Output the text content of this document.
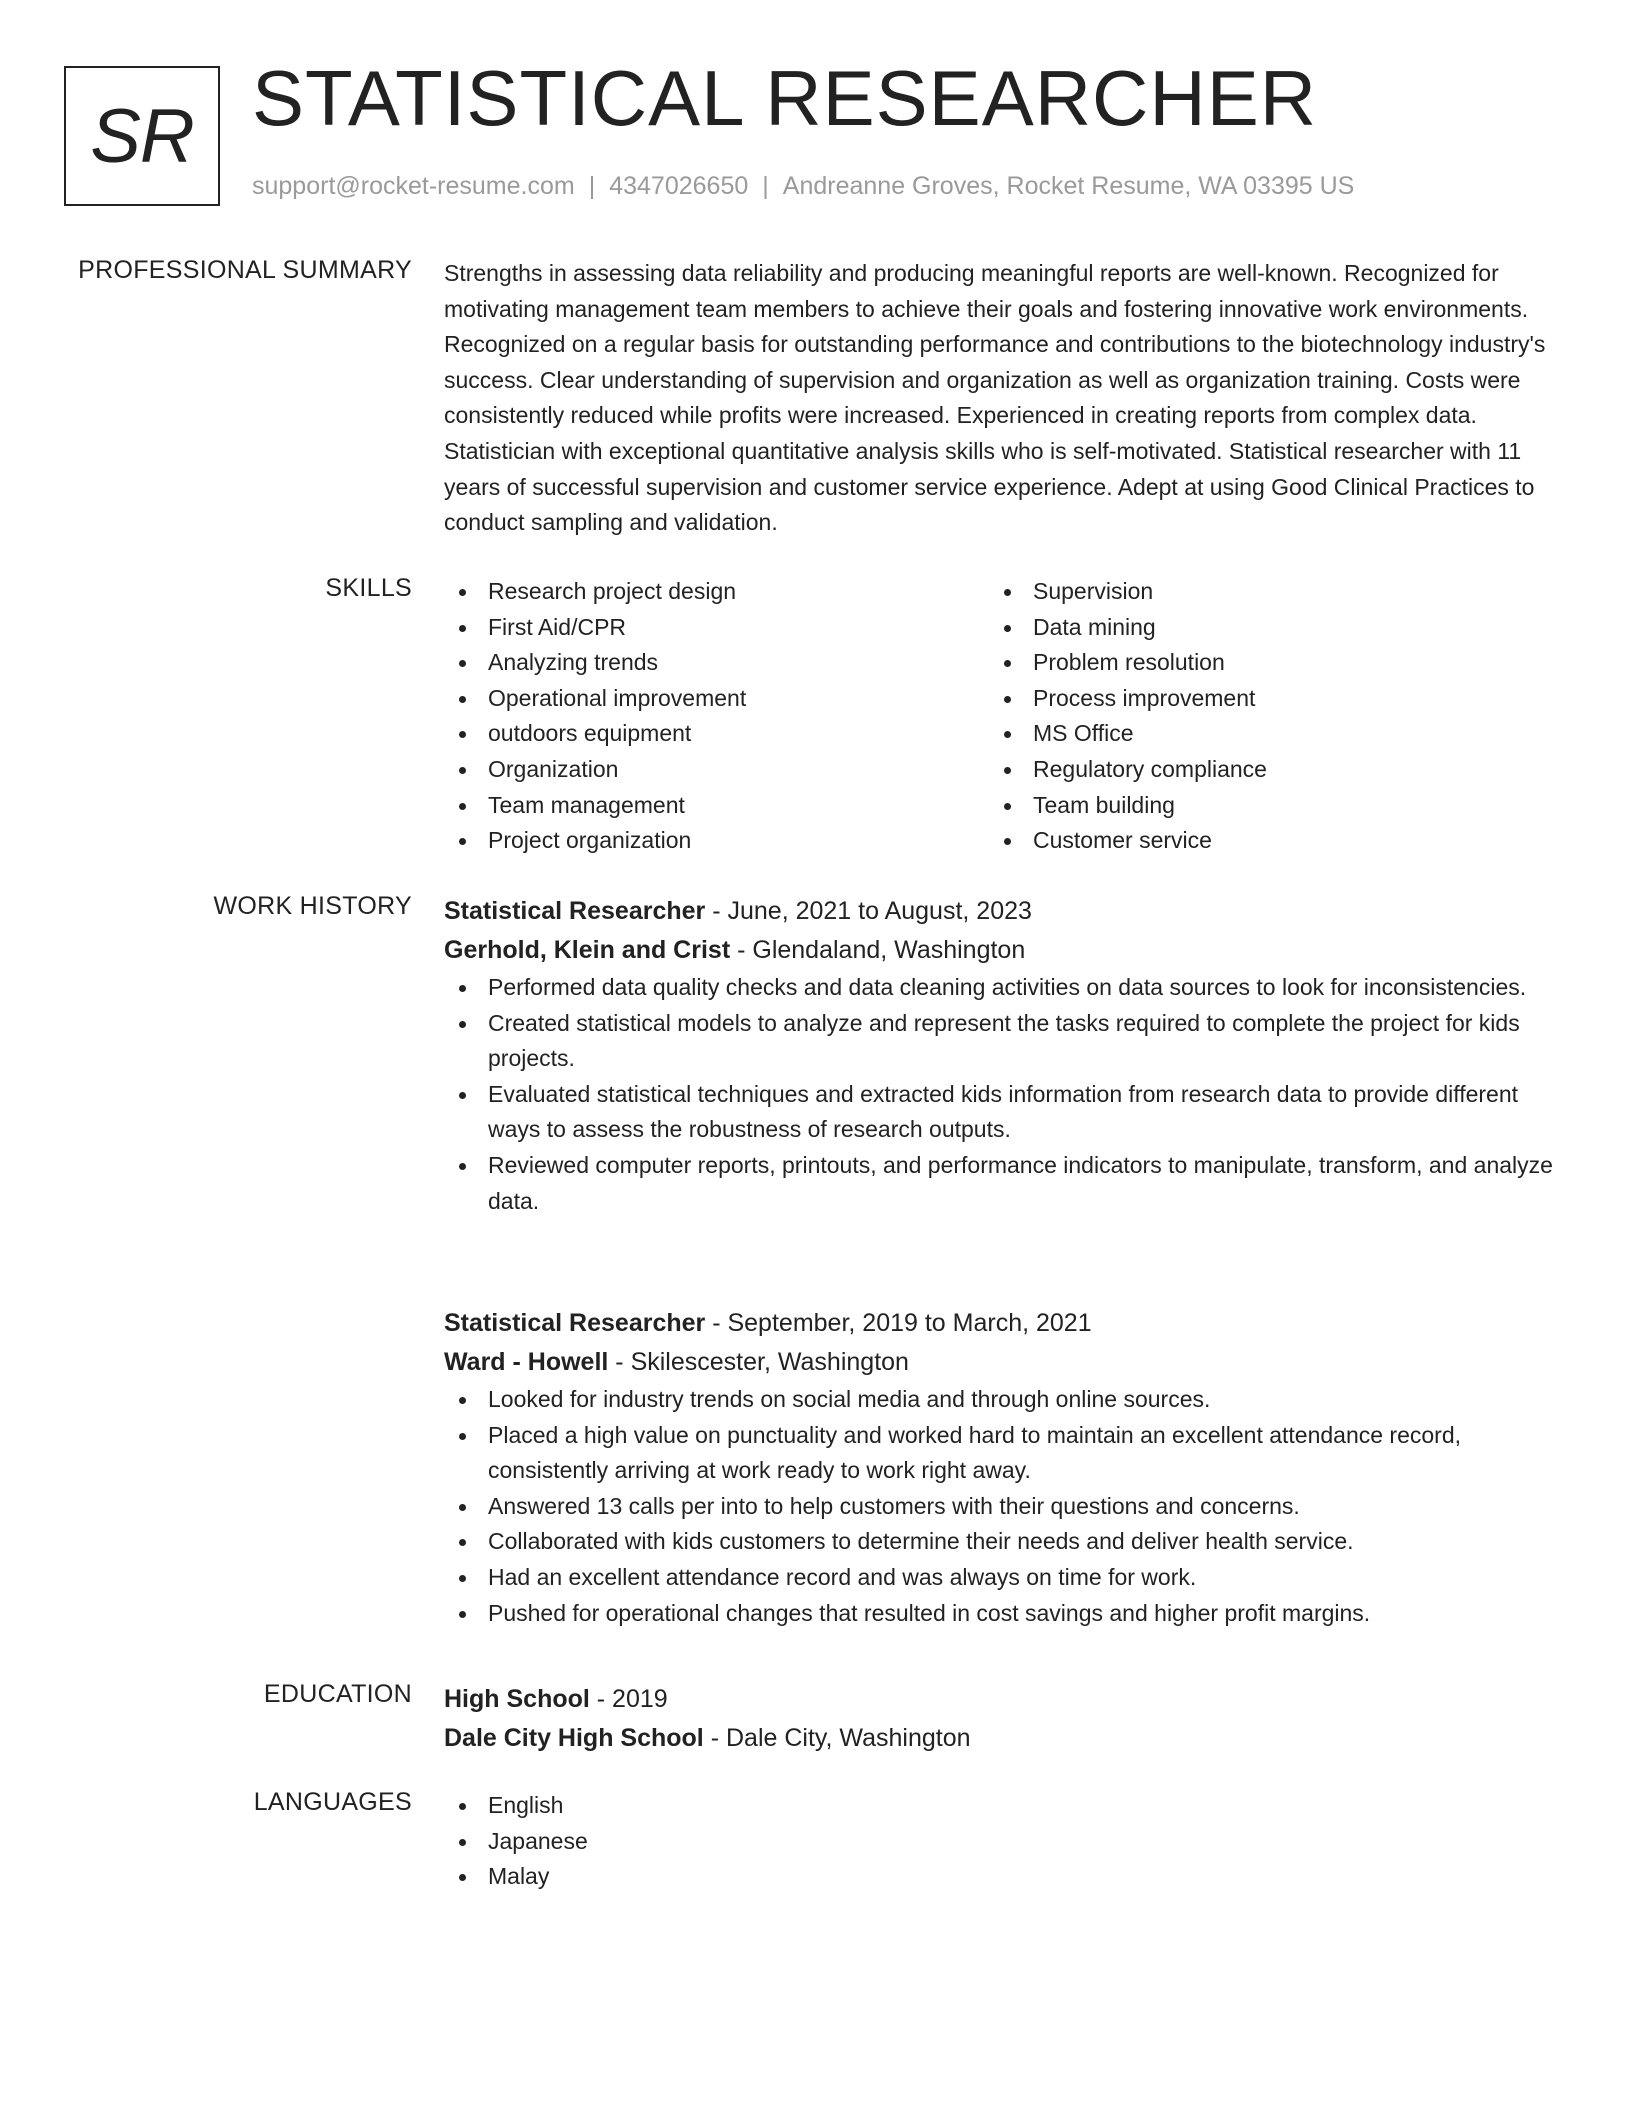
SR STATISTICAL RESEARCHER
support@rocket-resume.com | 4347026650 | Andreanne Groves, Rocket Resume, WA 03395 US
PROFESSIONAL SUMMARY Strengths in assessing data reliability and producing meaningful reports are well-known. Recognized for motivating management team members to achieve their goals and fostering innovative work environments. Recognized on a regular basis for outstanding performance and contributions to the biotechnology industry's success. Clear understanding of supervision and organization as well as organization training. Costs were consistently reduced while profits were increased. Experienced in creating reports from complex data. Statistician with exceptional quantitative analysis skills who is self-motivated. Statistical researcher with 11 years of successful supervision and customer service experience. Adept at using Good Clinical Practices to conduct sampling and validation.

SKILLS	Research project design
First Aid/CPR
Analyzing trends
Operational improvement
outdoors equipment
Organization
Team management
Project organization
Supervision
Data mining
Problem resolution
Process improvement
MS Office
Regulatory compliance
Team building
Customer service
WORK HISTORY Statistical Researcher - June, 2021 to August, 2023
Gerhold, Klein and Crist - Glendaland, Washington
Performed data quality checks and data cleaning activities on data sources to look for inconsistencies.
Created statistical models to analyze and represent the tasks required to complete the project for kids projects.
Evaluated statistical techniques and extracted kids information from research data to provide different ways to assess the robustness of research outputs.
Reviewed computer reports, printouts, and performance indicators to manipulate, transform, and analyze data.
Statistical Researcher - September, 2019 to March, 2021
Ward - Howell - Skilescester, Washington
Looked for industry trends on social media and through online sources.
Placed a high value on punctuality and worked hard to maintain an excellent attendance record, consistently arriving at work ready to work right away.
Answered 13 calls per into to help customers with their questions and concerns.
Collaborated with kids customers to determine their needs and deliver health service.
Had an excellent attendance record and was always on time for work.
Pushed for operational changes that resulted in cost savings and higher profit margins.
EDUCATION High School - 2019
Dale City High School - Dale City, Washington
LANGUAGES	English
Japanese
Malay
